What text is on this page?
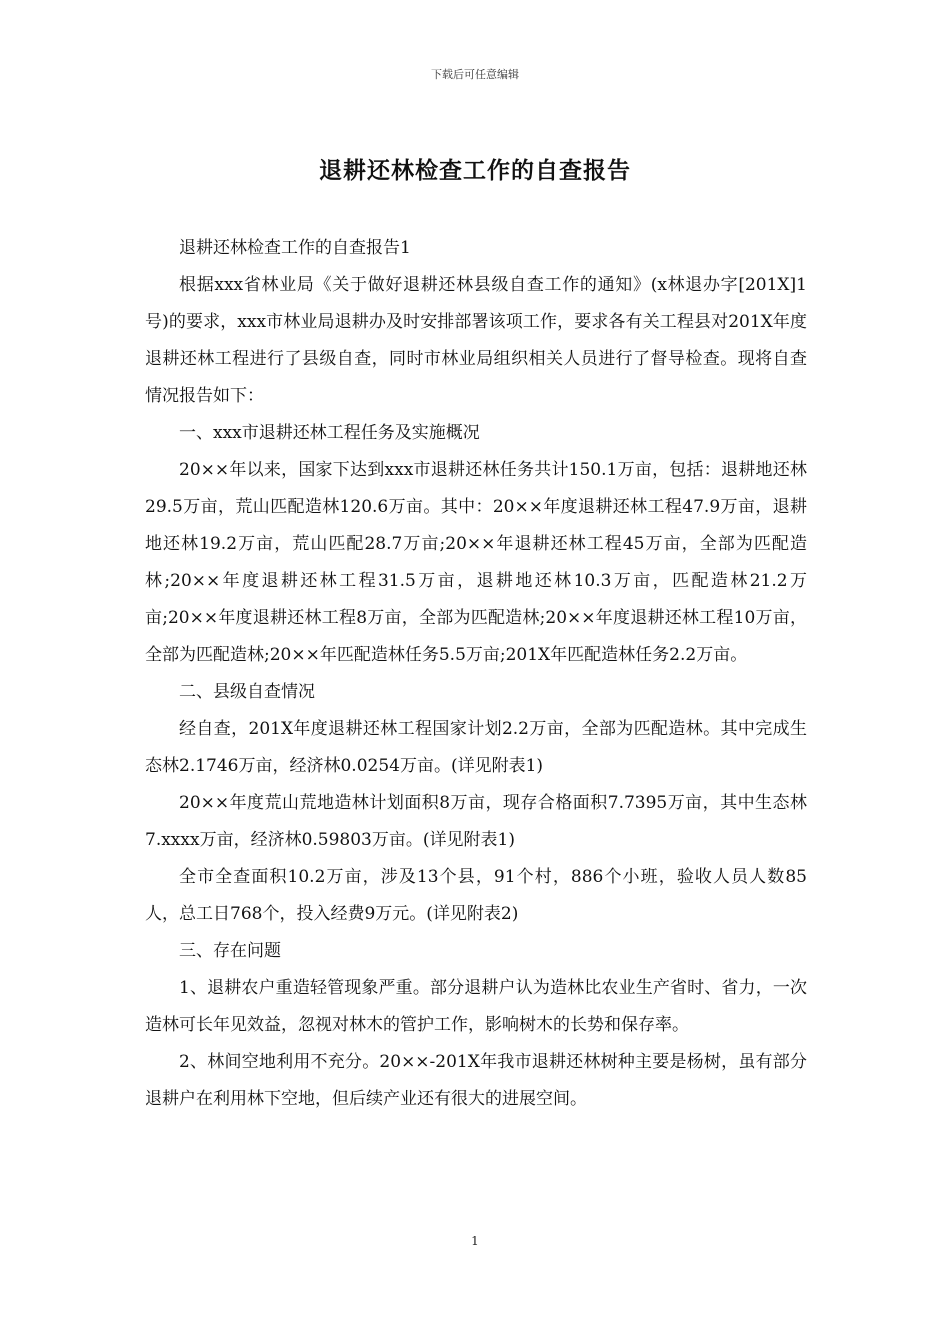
下载后可任意编辑
退耕还林检查工作的自查报告

退耕还林检查工作的自查报告1

根据xxx省林业局《关于做好退耕还林县级自查工作的通知》(x林退办字[201X]1号)的要求，xxx市林业局退耕办及时安排部署该项工作，要求各有关工程县对201X年度退耕还林工程进行了县级自查，同时市林业局组织相关人员进行了督导检查。现将自查情况报告如下：

一、xxx市退耕还林工程任务及实施概况

20××年以来，国家下达到xxx市退耕还林任务共计150.1万亩，包括：退耕地还林29.5万亩，荒山匹配造林120.6万亩。其中：20××年度退耕还林工程47.9万亩，退耕地还林19.2万亩，荒山匹配28.7万亩;20××年退耕还林工程45万亩，全部为匹配造林;20××年度退耕还林工程31.5万亩，退耕地还林10.3万亩，匹配造林21.2万亩;20××年度退耕还林工程8万亩，全部为匹配造林;20××年度退耕还林工程10万亩，全部为匹配造林;20××年匹配造林任务5.5万亩;201X年匹配造林任务2.2万亩。

二、县级自查情况

经自查，201X年度退耕还林工程国家计划2.2万亩，全部为匹配造林。其中完成生态林2.1746万亩，经济林0.0254万亩。(详见附表1)

20××年度荒山荒地造林计划面积8万亩，现存合格面积7.7395万亩，其中生态林7.xxxx万亩，经济林0.59803万亩。(详见附表1)

全市全查面积10.2万亩，涉及13个县，91个村，886个小班，验收人员人数85人，总工日768个，投入经费9万元。(详见附表2)

三、存在问题

1、退耕农户重造轻管现象严重。部分退耕户认为造林比农业生产省时、省力，一次造林可长年见效益，忽视对林木的管护工作，影响树木的长势和保存率。

2、林间空地利用不充分。20××-201X年我市退耕还林树种主要是杨树，虽有部分退耕户在利用林下空地，但后续产业还有很大的进展空间。

1
